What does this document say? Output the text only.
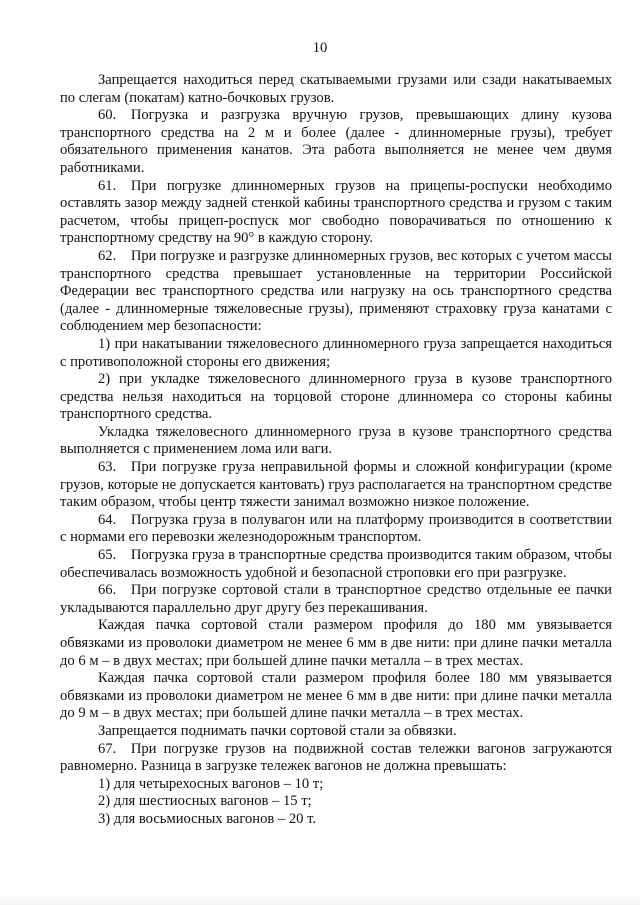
10

Запрещается находиться перед скатываемыми грузами или сзади накатываемых по слегам (покатам) катно-бочковых грузов.

60. Погрузка и разгрузка вручную грузов, превышающих длину кузова транспортного средства на 2 м и более (далее - длинномерные грузы), требует обязательного применения канатов. Эта работа выполняется не менее чем двумя работниками.

61. При погрузке длинномерных грузов на прицепы-роспуски необходимо оставлять зазор между задней стенкой кабины транспортного средства и грузом с таким расчетом, чтобы прицеп-роспуск мог свободно поворачиваться по отношению к транспортному средству на 90° в каждую сторону.

62. При погрузке и разгрузке длинномерных грузов, вес которых с учетом массы транспортного средства превышает установленные на территории Российской Федерации вес транспортного средства или нагрузку на ось транспортного средства (далее - длинномерные тяжеловесные грузы), применяют страховку груза канатами с соблюдением мер безопасности:

1) при накатывании тяжеловесного длинномерного груза запрещается находиться с противоположной стороны его движения;

2) при укладке тяжеловесного длинномерного груза в кузове транспортного средства нельзя находиться на торцовой стороне длинномера со стороны кабины транспортного средства.

Укладка тяжеловесного длинномерного груза в кузове транспортного средства выполняется с применением лома или ваги.

63. При погрузке груза неправильной формы и сложной конфигурации (кроме грузов, которые не допускается кантовать) груз располагается на транспортном средстве таким образом, чтобы центр тяжести занимал возможно низкое положение.

64. Погрузка груза в полувагон или на платформу производится в соответствии с нормами его перевозки железнодорожным транспортом.

65. Погрузка груза в транспортные средства производится таким образом, чтобы обеспечивалась возможность удобной и безопасной строповки его при разгрузке.

66. При погрузке сортовой стали в транспортное средство отдельные ее пачки укладываются параллельно друг другу без перекашивания.

Каждая пачка сортовой стали размером профиля до 180 мм увязывается обвязками из проволоки диаметром не менее 6 мм в две нити: при длине пачки металла до 6 м – в двух местах; при большей длине пачки металла – в трех местах.

Каждая пачка сортовой стали размером профиля более 180 мм увязывается обвязками из проволоки диаметром не менее 6 мм в две нити: при длине пачки металла до 9 м – в двух местах; при большей длине пачки металла – в трех местах.

Запрещается поднимать пачки сортовой стали за обвязки.

67. При погрузке грузов на подвижной состав тележки вагонов загружаются равномерно. Разница в загрузке тележек вагонов не должна превышать:

1) для четырехосных вагонов – 10 т;

2) для шестиосных вагонов – 15 т;

3) для восьмиосных вагонов – 20 т.
